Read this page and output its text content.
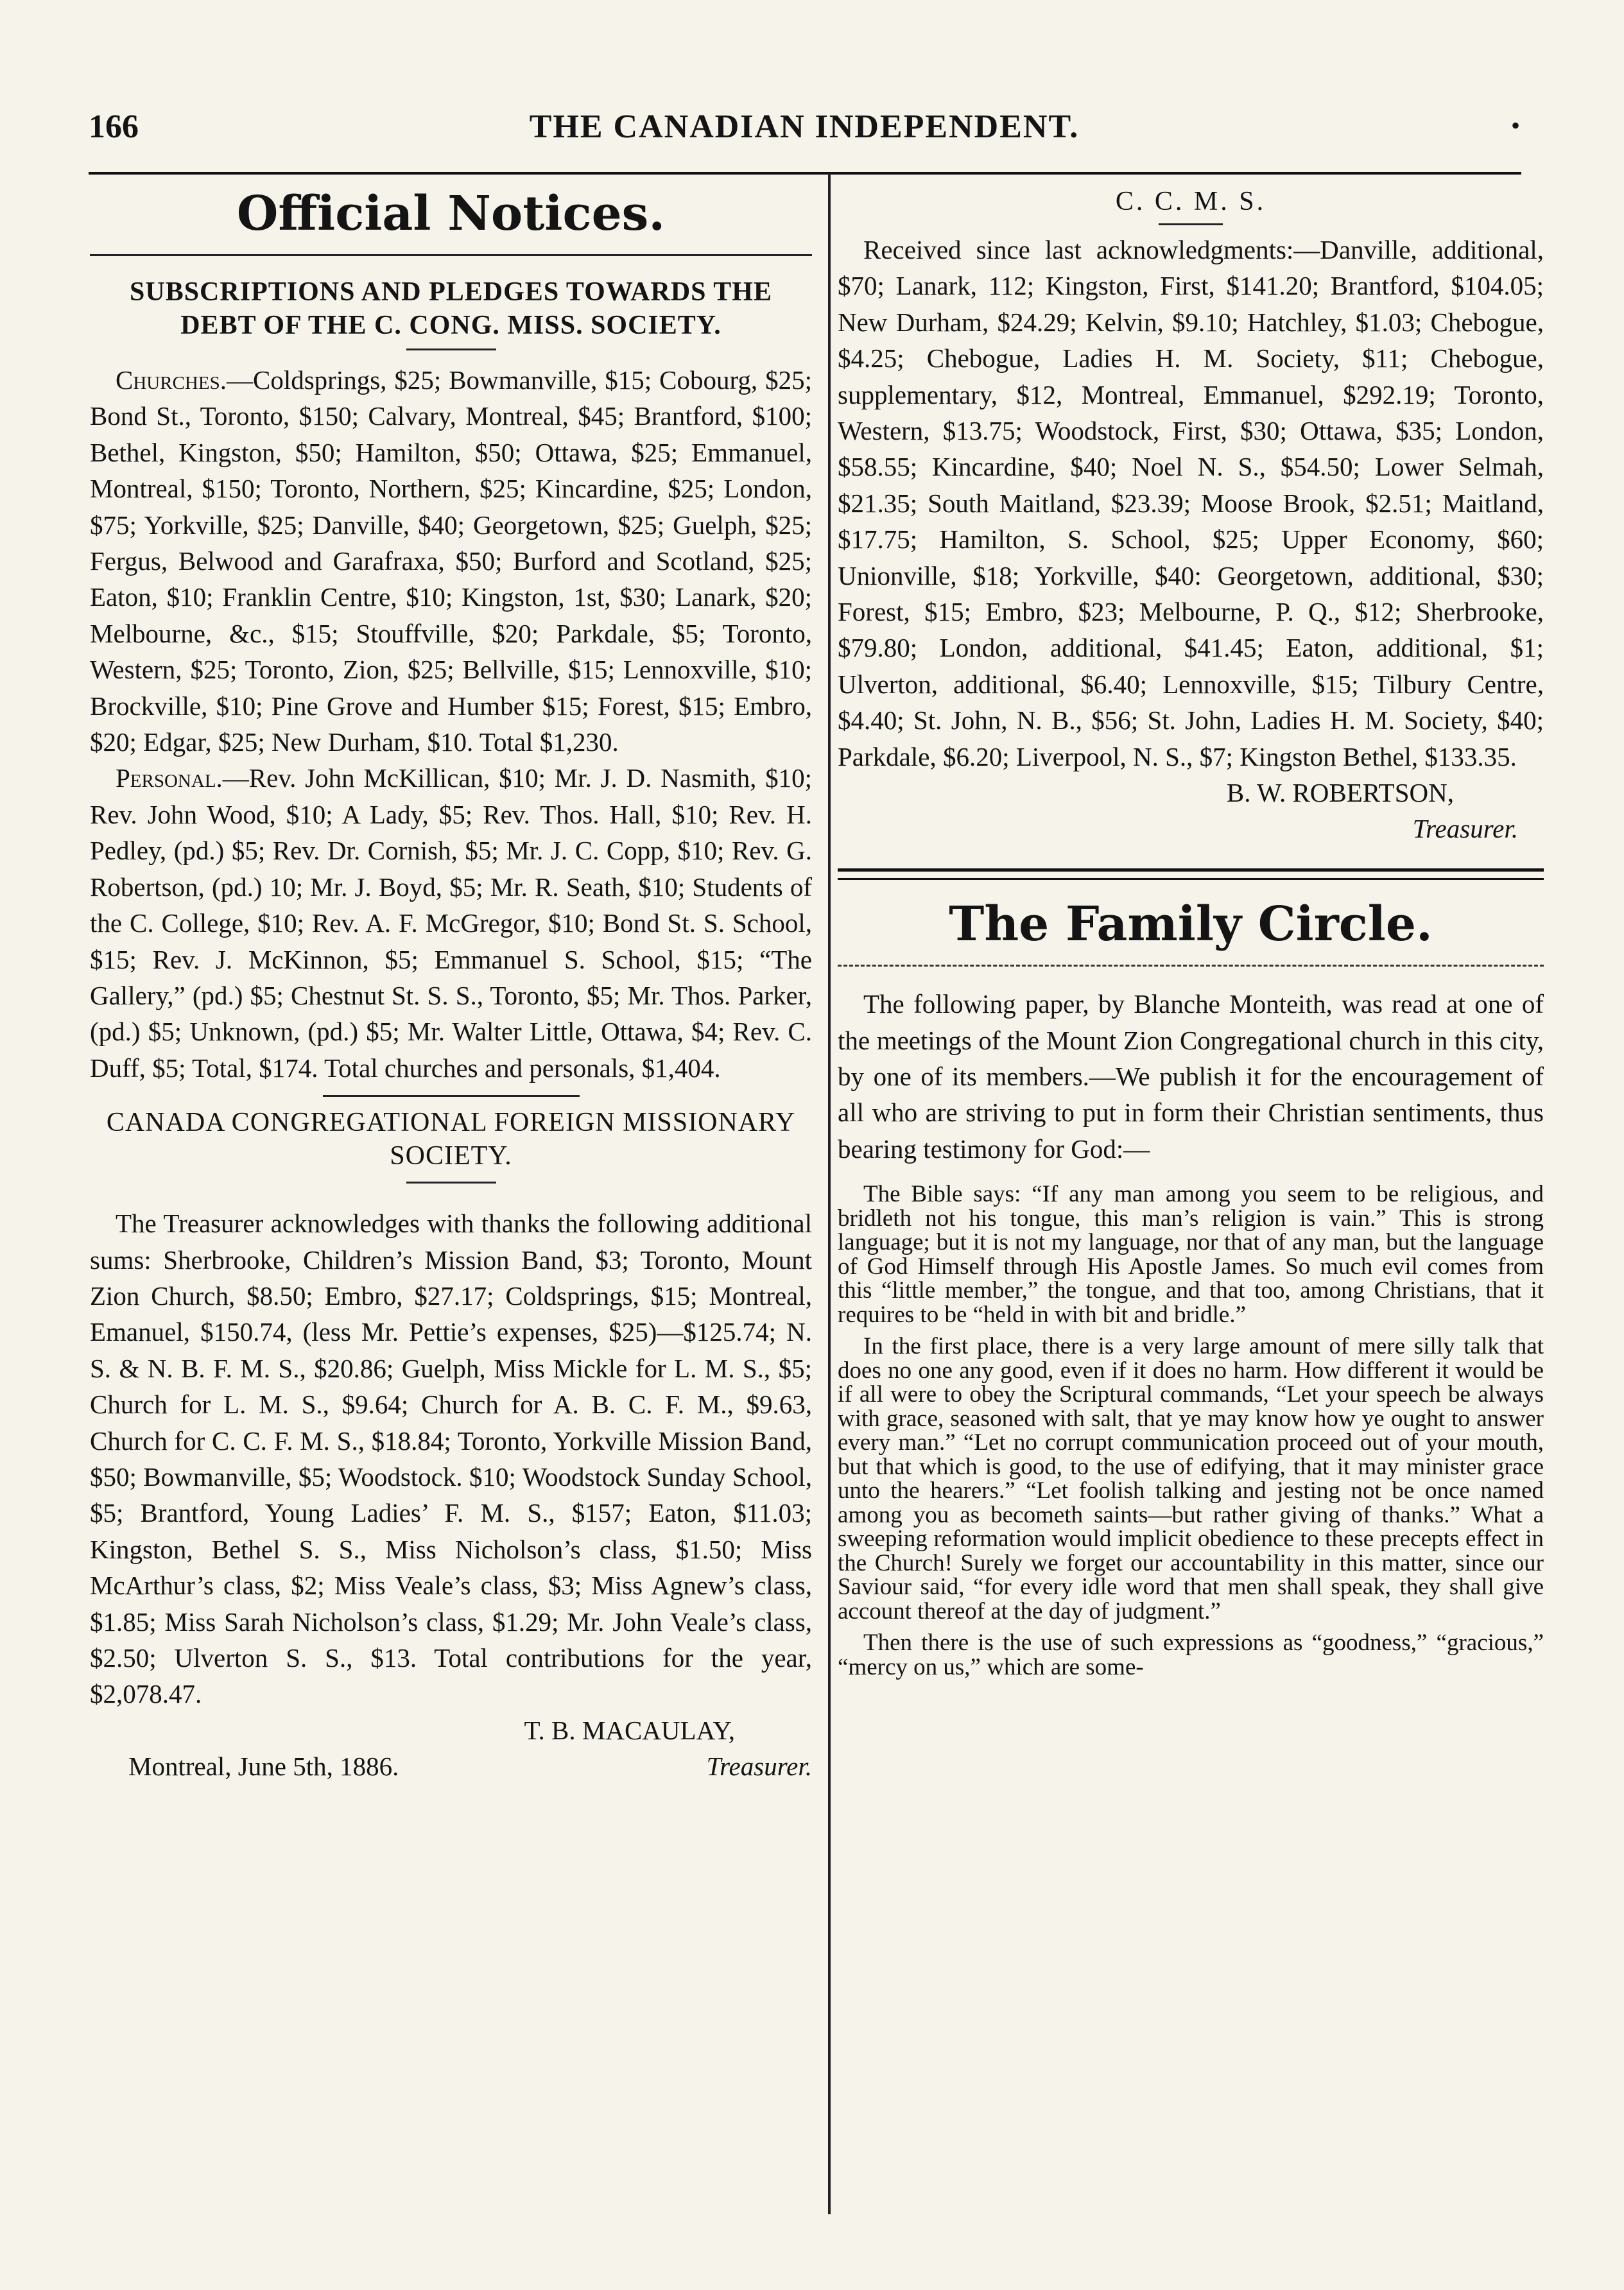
166	THE CANADIAN INDEPENDENT.	•
Official Notices.
SUBSCRIPTIONS AND PLEDGES TOWARDS THE DEBT OF THE C. CONG. MISS. SOCIETY.

Churches.—Coldsprings, $25; Bowmanville, $15; Cobourg, $25; Bond St., Toronto, $150; Calvary, Montreal, $45; Brantford, $100; Bethel, Kingston, $50; Hamilton, $50; Ottawa, $25; Emmanuel, Montreal, $150; Toronto, Northern, $25; Kincardine, $25; London, $75; Yorkville, $25; Danville, $40; Georgetown, $25; Guelph, $25; Fergus, Belwood and Garafraxa, $50; Burford and Scotland, $25; Eaton, $10; Franklin Centre, $10; Kingston, 1st, $30; Lanark, $20; Melbourne, &c., $15; Stouffville, $20; Parkdale, $5; Toronto, Western, $25; Toronto, Zion, $25; Bellville, $15; Lennoxville, $10; Brockville, $10; Pine Grove and Humber $15; Forest, $15; Embro, $20; Edgar, $25; New Durham, $10. Total $1,230.

Personal.—Rev. John McKillican, $10; Mr. J. D. Nasmith, $10; Rev. John Wood, $10; A Lady, $5; Rev. Thos. Hall, $10; Rev. H. Pedley, (pd.) $5; Rev. Dr. Cornish, $5; Mr. J. C. Copp, $10; Rev. G. Robertson, (pd.) 10; Mr. J. Boyd, $5; Mr. R. Seath, $10; Students of the C. College, $10; Rev. A. F. McGregor, $10; Bond St. S. School, $15; Rev. J. McKinnon, $5; Emmanuel S. School, $15; “The Gallery,” (pd.) $5; Chestnut St. S. S., Toronto, $5; Mr. Thos. Parker, (pd.) $5; Unknown, (pd.) $5; Mr. Walter Little, Ottawa, $4; Rev. C. Duff, $5; Total, $174. Total churches and personals, $1,404.

CANADA CONGREGATIONAL FOREIGN MISSIONARY SOCIETY.

The Treasurer acknowledges with thanks the following additional sums: Sherbrooke, Children’s Mission Band, $3; Toronto, Mount Zion Church, $8.50; Embro, $27.17; Coldsprings, $15; Montreal, Emanuel, $150.74, (less Mr. Pettie’s expenses, $25)—$125.74; N. S. & N. B. F. M. S., $20.86; Guelph, Miss Mickle for L. M. S., $5; Church for L. M. S., $9.64; Church for A. B. C. F. M., $9.63, Church for C. C. F. M. S., $18.84; Toronto, Yorkville Mission Band, $50; Bowmanville, $5; Woodstock. $10; Woodstock Sunday School, $5; Brantford, Young Ladies’ F. M. S., $157; Eaton, $11.03; Kingston, Bethel S. S., Miss Nicholson’s class, $1.50; Miss McArthur’s class, $2; Miss Veale’s class, $3; Miss Agnew’s class, $1.85; Miss Sarah Nicholson’s class, $1.29; Mr. John Veale’s class, $2.50; Ulverton S. S., $13. Total contributions for the year, $2,078.47.

T. B. MACAULAY,
Montreal, June 5th, 1886.	Treasurer.
C. C. M. S.

Received since last acknowledgments:—Danville, additional, $70; Lanark, 112; Kingston, First, $141.20; Brantford, $104.05; New Durham, $24.29; Kelvin, $9.10; Hatchley, $1.03; Chebogue, $4.25; Chebogue, Ladies H. M. Society, $11; Chebogue, supplementary, $12, Montreal, Emmanuel, $292.19; Toronto, Western, $13.75; Woodstock, First, $30; Ottawa, $35; London, $58.55; Kincardine, $40; Noel N. S., $54.50; Lower Selmah, $21.35; South Maitland, $23.39; Moose Brook, $2.51; Maitland, $17.75; Hamilton, S. School, $25; Upper Economy, $60; Unionville, $18; Yorkville, $40: Georgetown, additional, $30; Forest, $15; Embro, $23; Melbourne, P. Q., $12; Sherbrooke, $79.80; London, additional, $41.45; Eaton, additional, $1; Ulverton, additional, $6.40; Lennoxville, $15; Tilbury Centre, $4.40; St. John, N. B., $56; St. John, Ladies H. M. Society, $40; Parkdale, $6.20; Liverpool, N. S., $7; Kingston Bethel, $133.35.

B. W. ROBERTSON,
Treasurer.
The Family Circle.

The following paper, by Blanche Monteith, was read at one of the meetings of the Mount Zion Congregational church in this city, by one of its members.—We publish it for the encouragement of all who are striving to put in form their Christian sentiments, thus bearing testimony for God:—

The Bible says: “If any man among you seem to be religious, and bridleth not his tongue, this man’s religion is vain.” This is strong language; but it is not my language, nor that of any man, but the language of God Himself through His Apostle James. So much evil comes from this “little member,” the tongue, and that too, among Christians, that it requires to be “held in with bit and bridle.”

In the first place, there is a very large amount of mere silly talk that does no one any good, even if it does no harm. How different it would be if all were to obey the Scriptural commands, “Let your speech be always with grace, seasoned with salt, that ye may know how ye ought to answer every man.” “Let no corrupt communication proceed out of your mouth, but that which is good, to the use of edifying, that it may minister grace unto the hearers.” “Let foolish talking and jesting not be once named among you as becometh saints—but rather giving of thanks.” What a sweeping reformation would implicit obedience to these precepts effect in the Church! Surely we forget our accountability in this matter, since our Saviour said, “for every idle word that men shall speak, they shall give account thereof at the day of judgment.”

Then there is the use of such expressions as “goodness,” “gracious,” “mercy on us,” which are some-
